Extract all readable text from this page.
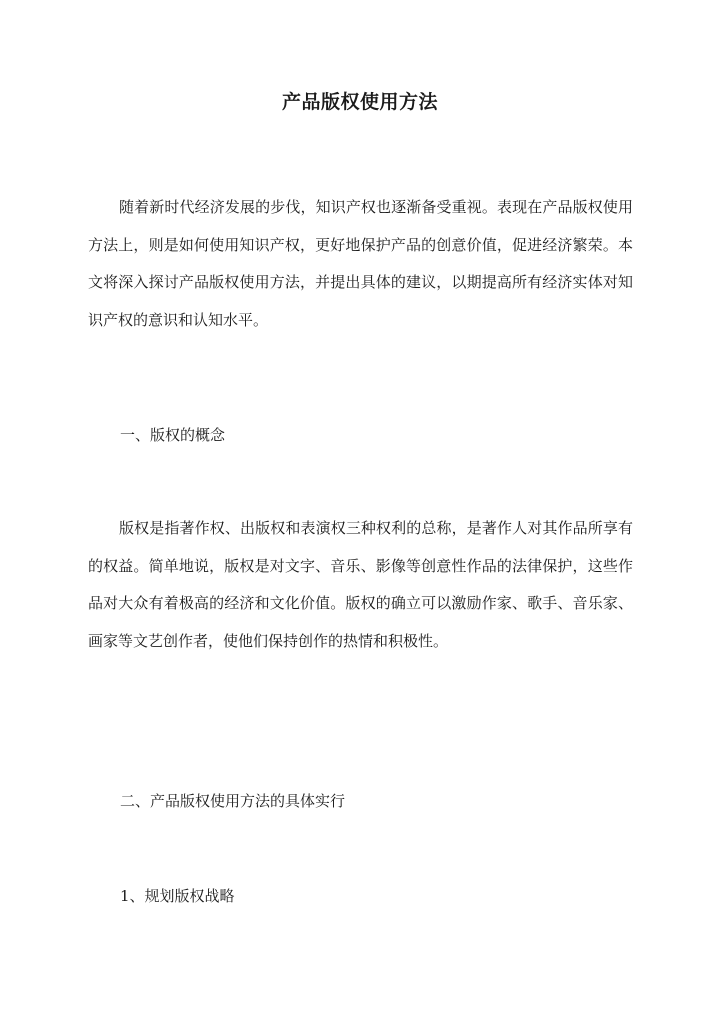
产品版权使用方法

随着新时代经济发展的步伐，知识产权也逐渐备受重视。表现在产品版权使用方法上，则是如何使用知识产权，更好地保护产品的创意价值，促进经济繁荣。本文将深入探讨产品版权使用方法，并提出具体的建议，以期提高所有经济实体对知识产权的意识和认知水平。

一、版权的概念

版权是指著作权、出版权和表演权三种权利的总称，是著作人对其作品所享有的权益。简单地说，版权是对文字、音乐、影像等创意性作品的法律保护，这些作品对大众有着极高的经济和文化价值。版权的确立可以激励作家、歌手、音乐家、画家等文艺创作者，使他们保持创作的热情和积极性。

二、产品版权使用方法的具体实行
1、规划版权战略
